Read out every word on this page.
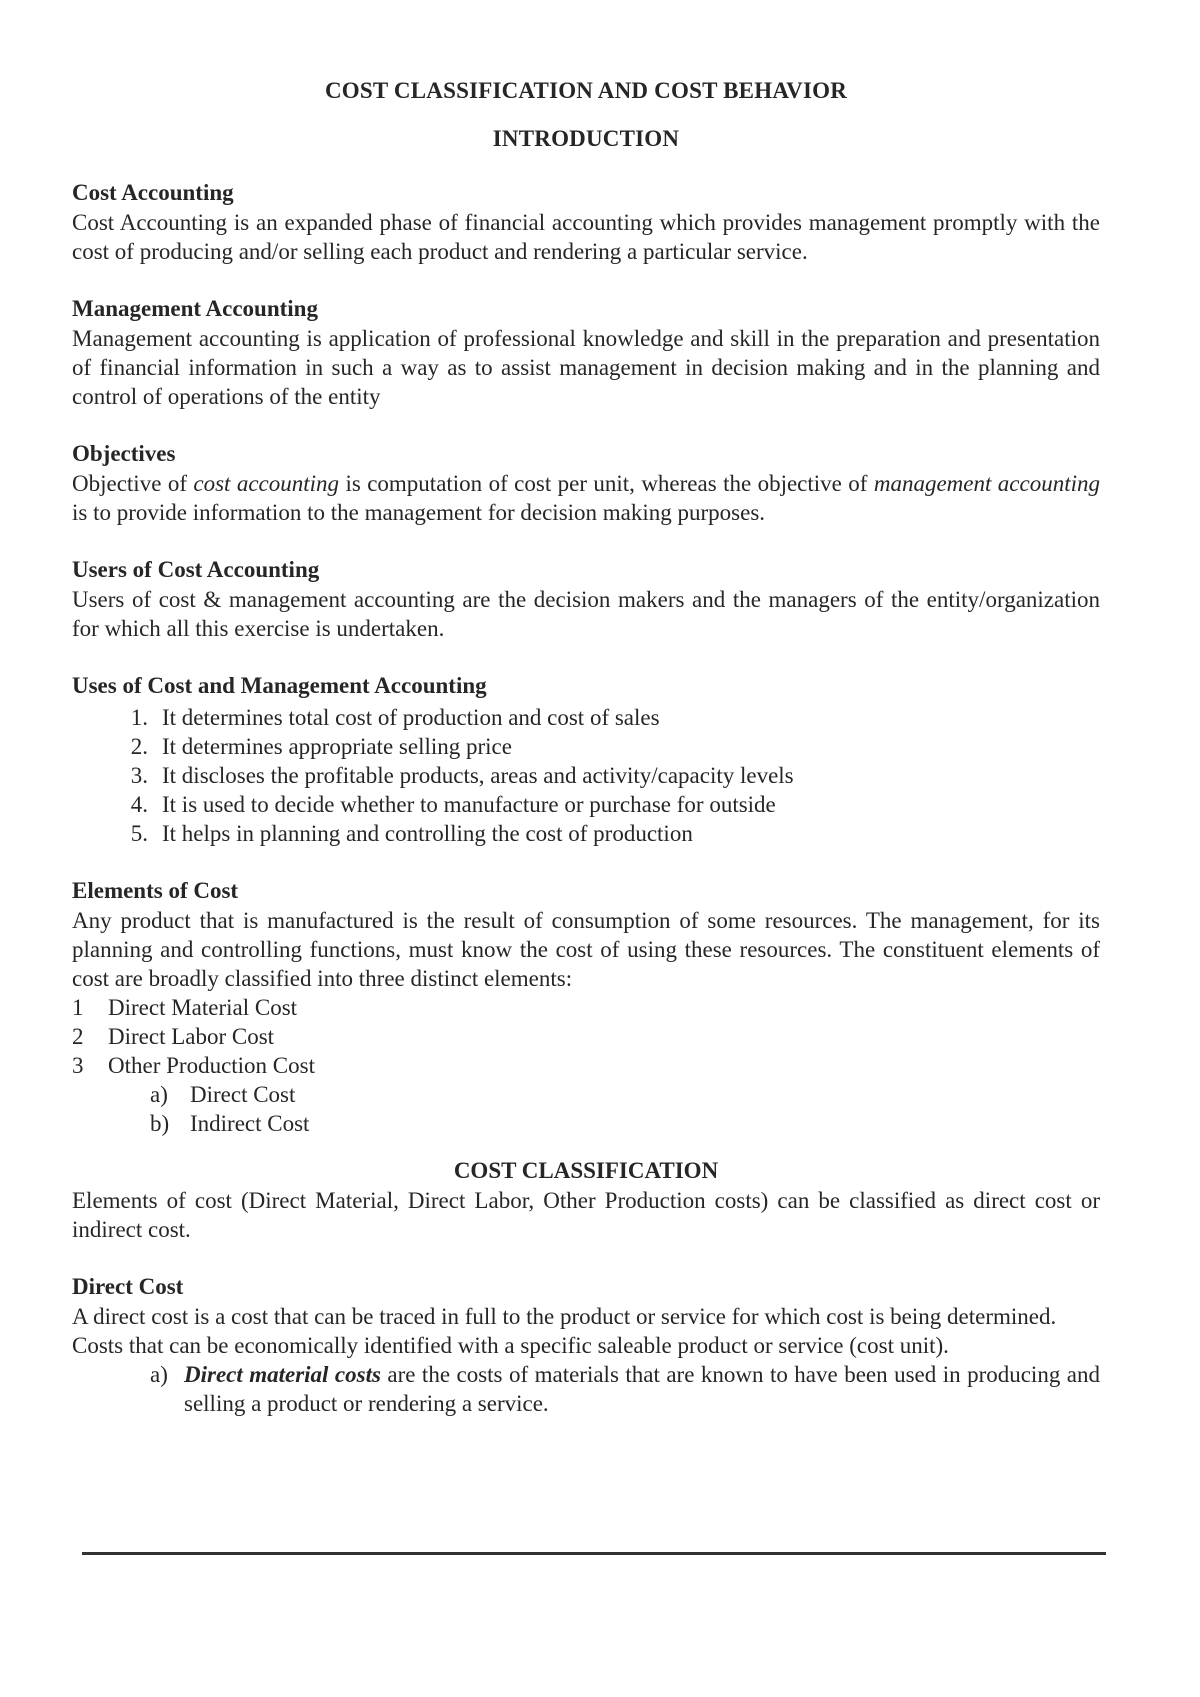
COST CLASSIFICATION AND COST BEHAVIOR

INTRODUCTION

Cost Accounting

Cost Accounting is an expanded phase of financial accounting which provides management promptly with the cost of producing and/or selling each product and rendering a particular service.

Management Accounting

Management accounting is application of professional knowledge and skill in the preparation and presentation of financial information in such a way as to assist management in decision making and in the planning and control of operations of the entity

Objectives

Objective of cost accounting is computation of cost per unit, whereas the objective of management accounting is to provide information to the management for decision making purposes.

Users of Cost Accounting

Users of cost & management accounting are the decision makers and the managers of the entity/organization for which all this exercise is undertaken.

Uses of Cost and Management Accounting

1. It determines total cost of production and cost of sales
2. It determines appropriate selling price
3. It discloses the profitable products, areas and activity/capacity levels
4. It is used to decide whether to manufacture or purchase for outside
5. It helps in planning and controlling the cost of production

Elements of Cost

Any product that is manufactured is the result of consumption of some resources. The management, for its planning and controlling functions, must know the cost of using these resources. The constituent elements of cost are broadly classified into three distinct elements:

1	Direct Material Cost
2	Direct Labor Cost
3	Other Production Cost
a) Direct Cost
b) Indirect Cost

COST CLASSIFICATION

Elements of cost (Direct Material, Direct Labor, Other Production costs) can be classified as direct cost or indirect cost.

Direct Cost

A direct cost is a cost that can be traced in full to the product or service for which cost is being determined.

Costs that can be economically identified with a specific saleable product or service (cost unit).

a) Direct material costs are the costs of materials that are known to have been used in producing and selling a product or rendering a service.
